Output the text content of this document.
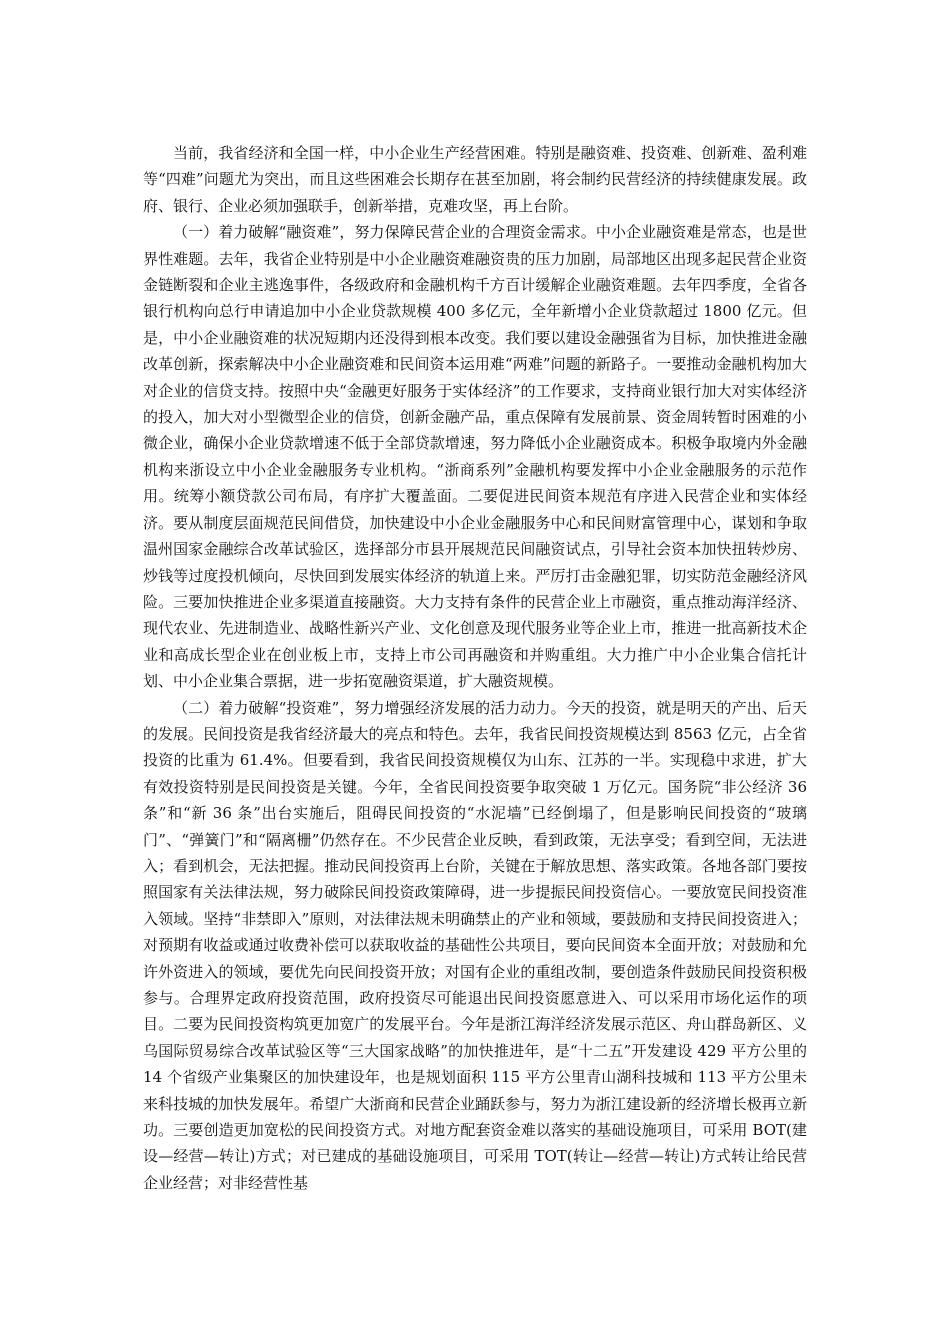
当前，我省经济和全国一样，中小企业生产经营困难。特别是融资难、投资难、创新难、盈利难等“四难”问题尤为突出，而且这些困难会长期存在甚至加剧，将会制约民营经济的持续健康发展。政府、银行、企业必须加强联手，创新举措，克难攻坚，再上台阶。

（一）着力破解“融资难”，努力保障民营企业的合理资金需求。中小企业融资难是常态，也是世界性难题。去年，我省企业特别是中小企业融资难融资贵的压力加剧，局部地区出现多起民营企业资金链断裂和企业主逃逸事件，各级政府和金融机构千方百计缓解企业融资难题。去年四季度，全省各银行机构向总行申请追加中小企业贷款规模 400 多亿元，全年新增小企业贷款超过 1800 亿元。但是，中小企业融资难的状况短期内还没得到根本改变。我们要以建设金融强省为目标，加快推进金融改革创新，探索解决中小企业融资难和民间资本运用难“两难”问题的新路子。一要推动金融机构加大对企业的信贷支持。按照中央“金融更好服务于实体经济”的工作要求，支持商业银行加大对实体经济的投入，加大对小型微型企业的信贷，创新金融产品，重点保障有发展前景、资金周转暂时困难的小微企业，确保小企业贷款增速不低于全部贷款增速，努力降低小企业融资成本。积极争取境内外金融机构来浙设立中小企业金融服务专业机构。“浙商系列”金融机构要发挥中小企业金融服务的示范作用。统筹小额贷款公司布局，有序扩大覆盖面。二要促进民间资本规范有序进入民营企业和实体经济。要从制度层面规范民间借贷，加快建设中小企业金融服务中心和民间财富管理中心，谋划和争取温州国家金融综合改革试验区，选择部分市县开展规范民间融资试点，引导社会资本加快扭转炒房、炒钱等过度投机倾向，尽快回到发展实体经济的轨道上来。严厉打击金融犯罪，切实防范金融经济风险。三要加快推进企业多渠道直接融资。大力支持有条件的民营企业上市融资，重点推动海洋经济、现代农业、先进制造业、战略性新兴产业、文化创意及现代服务业等企业上市，推进一批高新技术企业和高成长型企业在创业板上市，支持上市公司再融资和并购重组。大力推广中小企业集合信托计划、中小企业集合票据，进一步拓宽融资渠道，扩大融资规模。

（二）着力破解“投资难”，努力增强经济发展的活力动力。今天的投资，就是明天的产出、后天的发展。民间投资是我省经济最大的亮点和特色。去年，我省民间投资规模达到 8563 亿元，占全省投资的比重为 61.4%。但要看到，我省民间投资规模仅为山东、江苏的一半。实现稳中求进，扩大有效投资特别是民间投资是关键。今年，全省民间投资要争取突破 1 万亿元。国务院“非公经济 36 条”和“新 36 条”出台实施后，阻碍民间投资的“水泥墙”已经倒塌了，但是影响民间投资的“玻璃门”、“弹簧门”和“隔离栅”仍然存在。不少民营企业反映，看到政策，无法享受；看到空间，无法进入；看到机会，无法把握。推动民间投资再上台阶，关键在于解放思想、落实政策。各地各部门要按照国家有关法律法规，努力破除民间投资政策障碍，进一步提振民间投资信心。一要放宽民间投资准入领域。坚持“非禁即入”原则，对法律法规未明确禁止的产业和领域，要鼓励和支持民间投资进入；对预期有收益或通过收费补偿可以获取收益的基础性公共项目，要向民间资本全面开放；对鼓励和允许外资进入的领域，要优先向民间投资开放；对国有企业的重组改制，要创造条件鼓励民间投资积极参与。合理界定政府投资范围，政府投资尽可能退出民间投资愿意进入、可以采用市场化运作的项目。二要为民间投资构筑更加宽广的发展平台。今年是浙江海洋经济发展示范区、舟山群岛新区、义乌国际贸易综合改革试验区等“三大国家战略”的加快推进年，是“十二五”开发建设 429 平方公里的 14 个省级产业集聚区的加快建设年，也是规划面积 115 平方公里青山湖科技城和 113 平方公里未来科技城的加快发展年。希望广大浙商和民营企业踊跃参与，努力为浙江建设新的经济增长极再立新功。三要创造更加宽松的民间投资方式。对地方配套资金难以落实的基础设施项目，可采用 BOT(建设—经营—转让)方式；对已建成的基础设施项目，可采用 TOT(转让—经营—转让)方式转让给民营企业经营；对非经营性基
